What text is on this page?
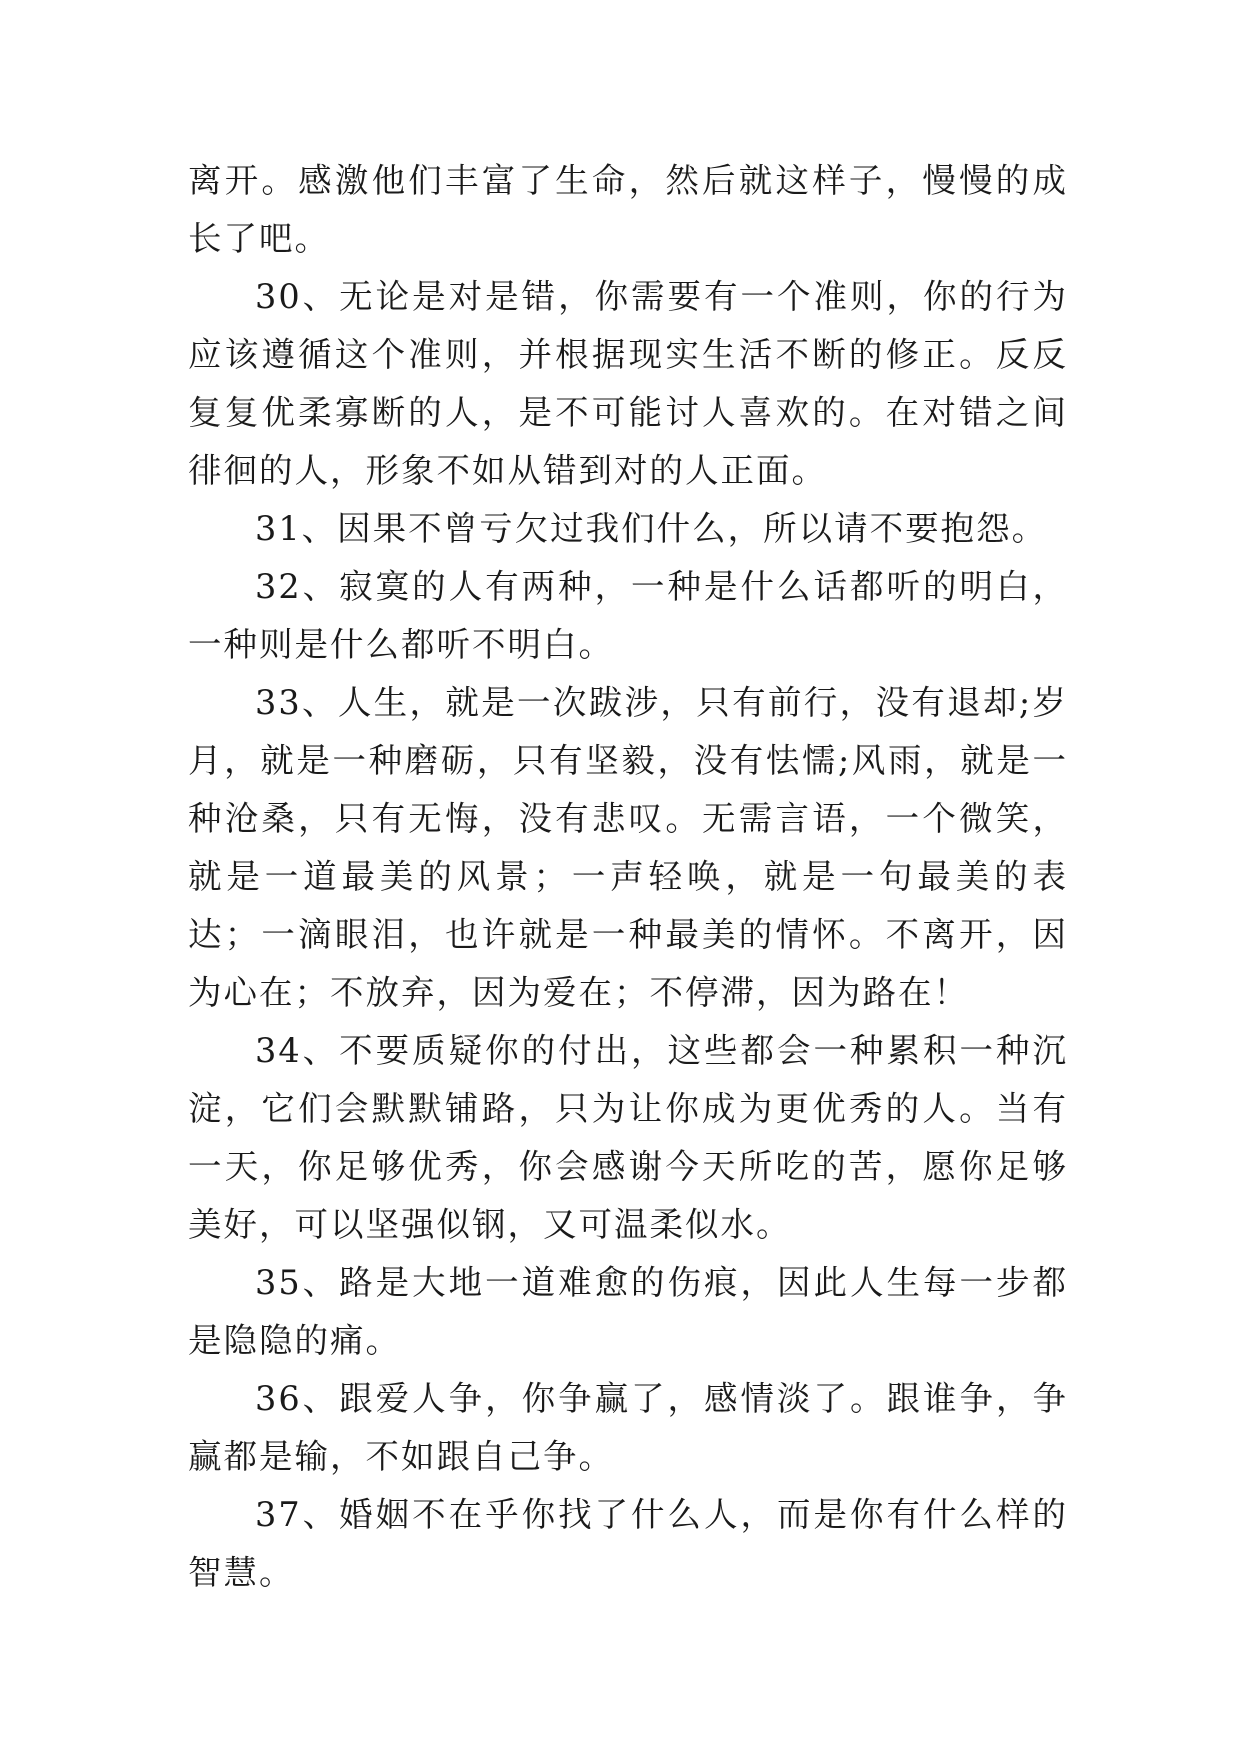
离开。感激他们丰富了生命，然后就这样子，慢慢的成长了吧。

30、无论是对是错，你需要有一个准则，你的行为应该遵循这个准则，并根据现实生活不断的修正。反反复复优柔寡断的人，是不可能讨人喜欢的。在对错之间徘徊的人，形象不如从错到对的人正面。

31、因果不曾亏欠过我们什么，所以请不要抱怨。

32、寂寞的人有两种，一种是什么话都听的明白，一种则是什么都听不明白。

33、人生，就是一次跋涉，只有前行，没有退却;岁月，就是一种磨砺，只有坚毅，没有怯懦;风雨，就是一种沧桑，只有无悔，没有悲叹。无需言语，一个微笑，就是一道最美的风景；一声轻唤，就是一句最美的表达；一滴眼泪，也许就是一种最美的情怀。不离开，因为心在；不放弃，因为爱在；不停滞，因为路在！

34、不要质疑你的付出，这些都会一种累积一种沉淀，它们会默默铺路，只为让你成为更优秀的人。当有一天，你足够优秀，你会感谢今天所吃的苦，愿你足够美好，可以坚强似钢，又可温柔似水。

35、路是大地一道难愈的伤痕，因此人生每一步都是隐隐的痛。

36、跟爱人争，你争赢了，感情淡了。跟谁争，争赢都是输，不如跟自己争。

37、婚姻不在乎你找了什么人，而是你有什么样的智慧。
